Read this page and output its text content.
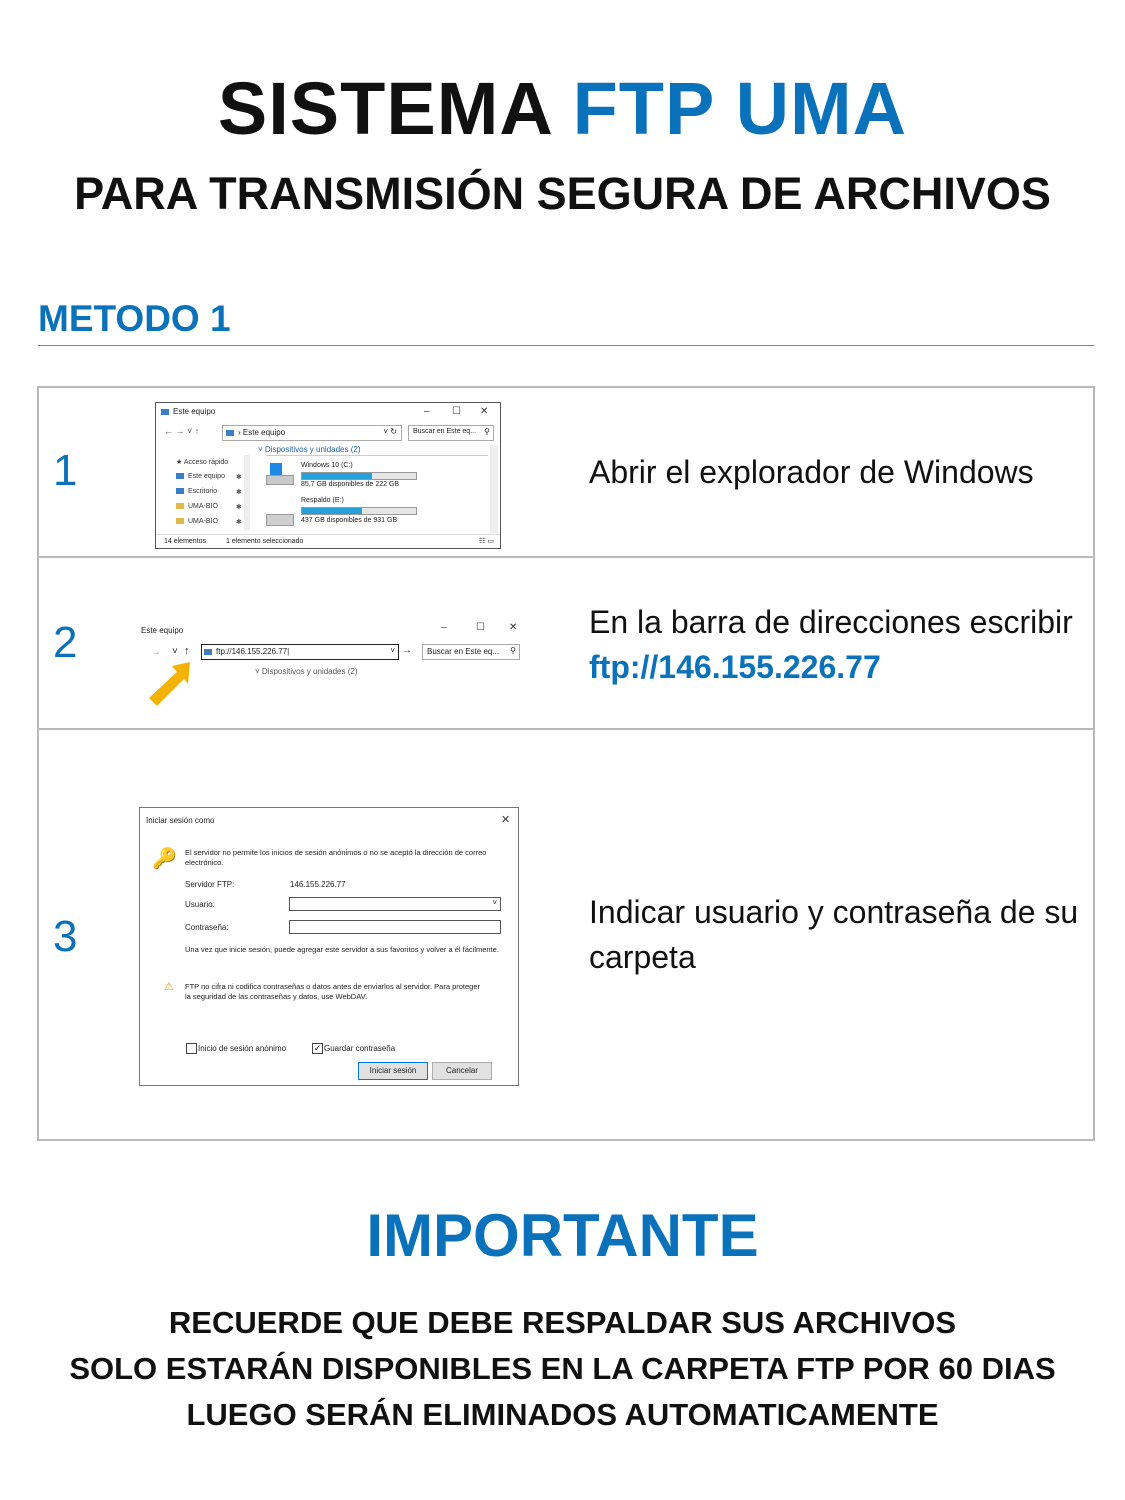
SISTEMA FTP UMA
PARA TRANSMISIÓN SEGURA DE ARCHIVOS
METODO 1
1
Este equipo	– ☐ ✕
← → ˅ ↑	› Este equipo	˅ ↻ Buscar en Este eq... ⚲
˅ Dispositivos y unidades (2)
★ Acceso rápido
Este equipo
Escritorio
UMA-BIO
UMA-BIO
✱
✱
✱
✱
Windows 10 (C:)
85,7 GB disponibles de 222 GB
Respaldo (E:)
437 GB disponibles de 931 GB
14 elementos	1 elemento seleccionado	☷ ▭
Abrir el explorador de Windows
2	Este equipo	–	☐ ✕
→ ˅ ↑	ftp://146.155.226.77|	˅ → Buscar en Este eq... ⚲
˅ Dispositivos y unidades (2)
En la barra de direcciones escribir ftp://146.155.226.77
3
Iniciar sesión como	✕
🔑 El servidor no permite los inicios de sesión anónimos o no se aceptó la dirección de correo electrónico.
Servidor FTP:	146.155.226.77
Usuario:	˅
Contraseña:
Una vez que inicie sesión, puede agregar este servidor a sus favoritos y volver a él fácilmente.
⚠ FTP no cifra ni codifica contraseñas o datos antes de enviarlos al servidor. Para proteger la seguridad de las contraseñas y datos, use WebDAV.
Inicio de sesión anónimo	✓ Guardar contraseña
Iniciar sesión	Cancelar
Indicar usuario y contraseña de su carpeta
IMPORTANTE
RECUERDE QUE DEBE RESPALDAR SUS ARCHIVOS
SOLO ESTARÁN DISPONIBLES EN LA CARPETA FTP POR 60 DIAS
LUEGO SERÁN ELIMINADOS AUTOMATICAMENTE
